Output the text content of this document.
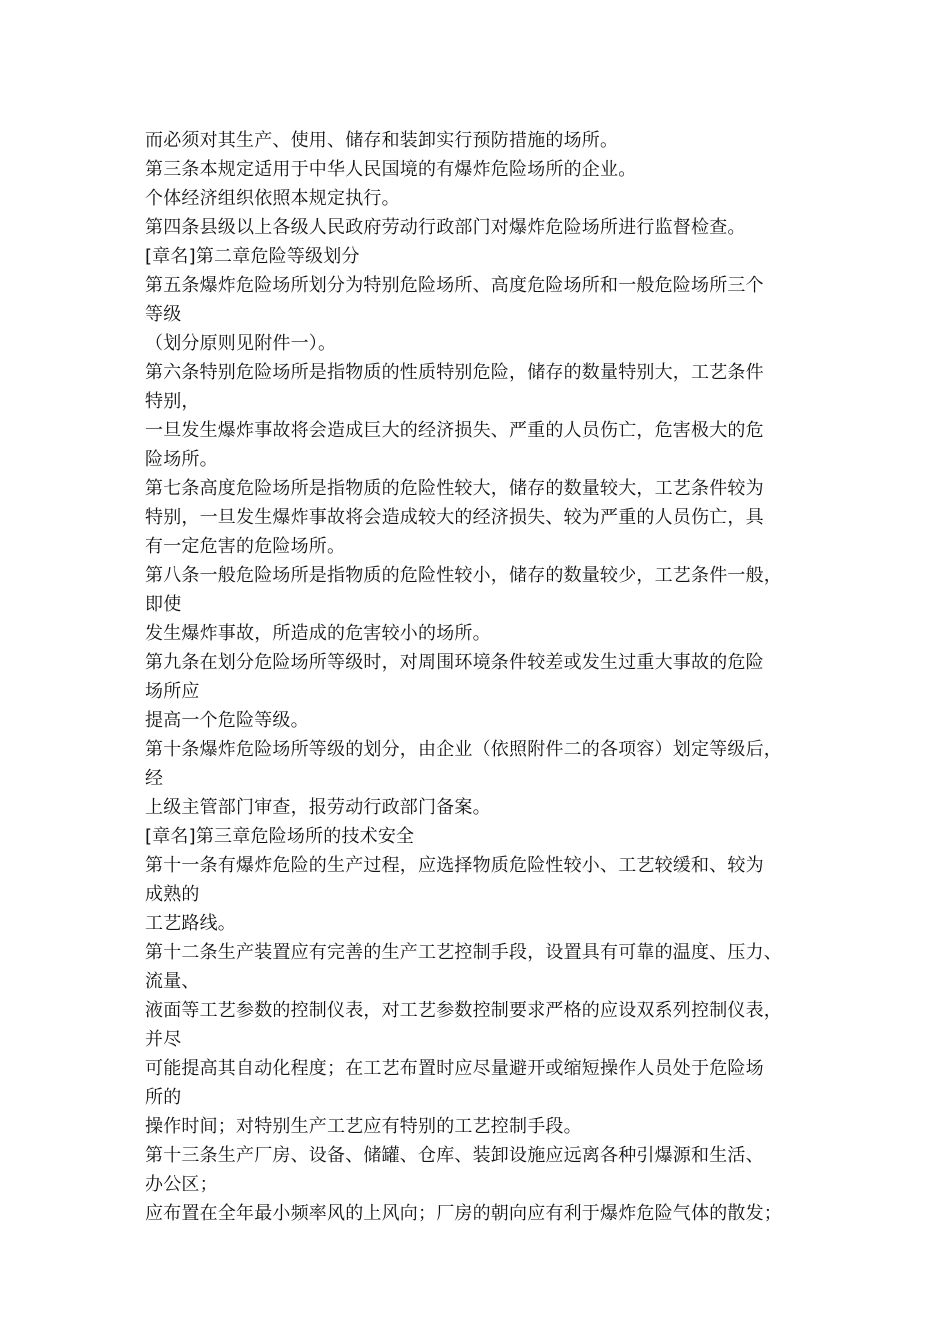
而必须对其生产、使用、储存和装卸实行预防措施的场所。
第三条本规定适用于中华人民国境的有爆炸危险场所的企业。
个体经济组织依照本规定执行。
第四条县级以上各级人民政府劳动行政部门对爆炸危险场所进行监督检查。
[章名]第二章危险等级划分
第五条爆炸危险场所划分为特别危险场所、高度危险场所和一般危险场所三个
等级
（划分原则见附件一）。
第六条特别危险场所是指物质的性质特别危险，储存的数量特别大，工艺条件
特别，
一旦发生爆炸事故将会造成巨大的经济损失、严重的人员伤亡，危害极大的危
险场所。
第七条高度危险场所是指物质的危险性较大，储存的数量较大，工艺条件较为
特别，一旦发生爆炸事故将会造成较大的经济损失、较为严重的人员伤亡，具
有一定危害的危险场所。
第八条一般危险场所是指物质的危险性较小，储存的数量较少，工艺条件一般，
即使
发生爆炸事故，所造成的危害较小的场所。
第九条在划分危险场所等级时，对周围环境条件较差或发生过重大事故的危险
场所应
提高一个危险等级。
第十条爆炸危险场所等级的划分，由企业（依照附件二的各项容）划定等级后，
经
上级主管部门审查，报劳动行政部门备案。
[章名]第三章危险场所的技术安全
第十一条有爆炸危险的生产过程，应选择物质危险性较小、工艺较缓和、较为
成熟的
工艺路线。
第十二条生产装置应有完善的生产工艺控制手段，设置具有可靠的温度、压力、
流量、
液面等工艺参数的控制仪表，对工艺参数控制要求严格的应设双系列控制仪表，
并尽
可能提高其自动化程度；在工艺布置时应尽量避开或缩短操作人员处于危险场
所的
操作时间；对特别生产工艺应有特别的工艺控制手段。
第十三条生产厂房、设备、储罐、仓库、装卸设施应远离各种引爆源和生活、
办公区；
应布置在全年最小频率风的上风向；厂房的朝向应有利于爆炸危险气体的散发；
